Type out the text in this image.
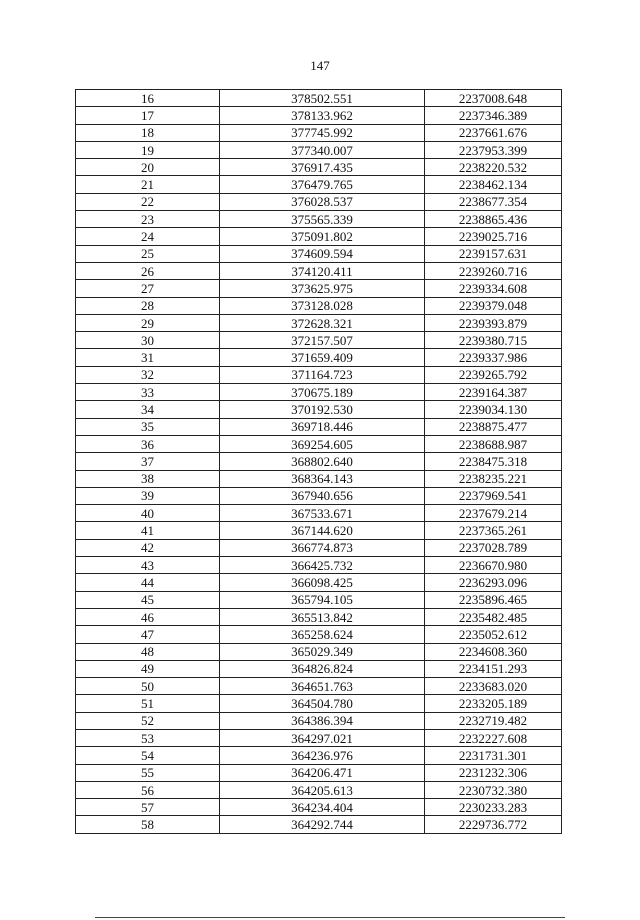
147
16	378502.551	2237008.648
17	378133.962	2237346.389
18	377745.992	2237661.676
19	377340.007	2237953.399
20	376917.435	2238220.532
21	376479.765	2238462.134
22	376028.537	2238677.354
23	375565.339	2238865.436
24	375091.802	2239025.716
25	374609.594	2239157.631
26	374120.411	2239260.716
27	373625.975	2239334.608
28	373128.028	2239379.048
29	372628.321	2239393.879
30	372157.507	2239380.715
31	371659.409	2239337.986
32	371164.723	2239265.792
33	370675.189	2239164.387
34	370192.530	2239034.130
35	369718.446	2238875.477
36	369254.605	2238688.987
37	368802.640	2238475.318
38	368364.143	2238235.221
39	367940.656	2237969.541
40	367533.671	2237679.214
41	367144.620	2237365.261
42	366774.873	2237028.789
43	366425.732	2236670.980
44	366098.425	2236293.096
45	365794.105	2235896.465
46	365513.842	2235482.485
47	365258.624	2235052.612
48	365029.349	2234608.360
49	364826.824	2234151.293
50	364651.763	2233683.020
51	364504.780	2233205.189
52	364386.394	2232719.482
53	364297.021	2232227.608
54	364236.976	2231731.301
55	364206.471	2231232.306
56	364205.613	2230732.380
57	364234.404	2230233.283
58	364292.744	2229736.772
